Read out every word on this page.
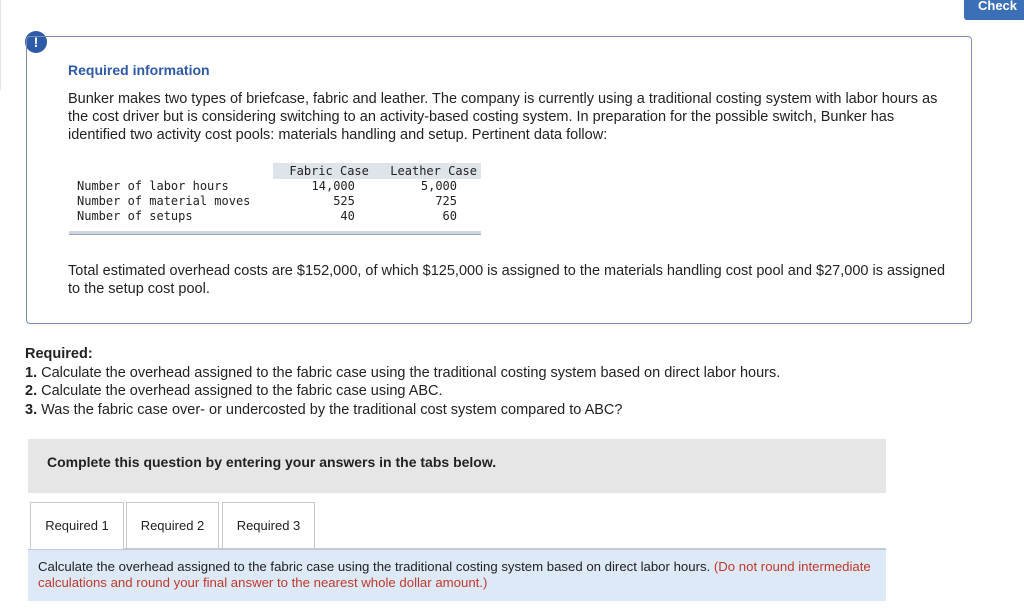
Check
!
Required information
Bunker makes two types of briefcase, fabric and leather. The company is currently using a traditional costing system with labor hours as the cost driver but is considering switching to an activity-based costing system. In preparation for the possible switch, Bunker has identified two activity cost pools: materials handling and setup. Pertinent data follow:
	Fabric Case	Leather Case
Number of labor hours	14,000	5,000
Number of material moves	525	725
Number of setups	40	60
Total estimated overhead costs are $152,000, of which $125,000 is assigned to the materials handling cost pool and $27,000 is assigned to the setup cost pool.
Required:
1. Calculate the overhead assigned to the fabric case using the traditional costing system based on direct labor hours.
2. Calculate the overhead assigned to the fabric case using ABC.
3. Was the fabric case over- or undercosted by the traditional cost system compared to ABC?
Complete this question by entering your answers in the tabs below.
Required 1	Required 2	Required 3
Calculate the overhead assigned to the fabric case using the traditional costing system based on direct labor hours. (Do not round intermediate calculations and round your final answer to the nearest whole dollar amount.)
